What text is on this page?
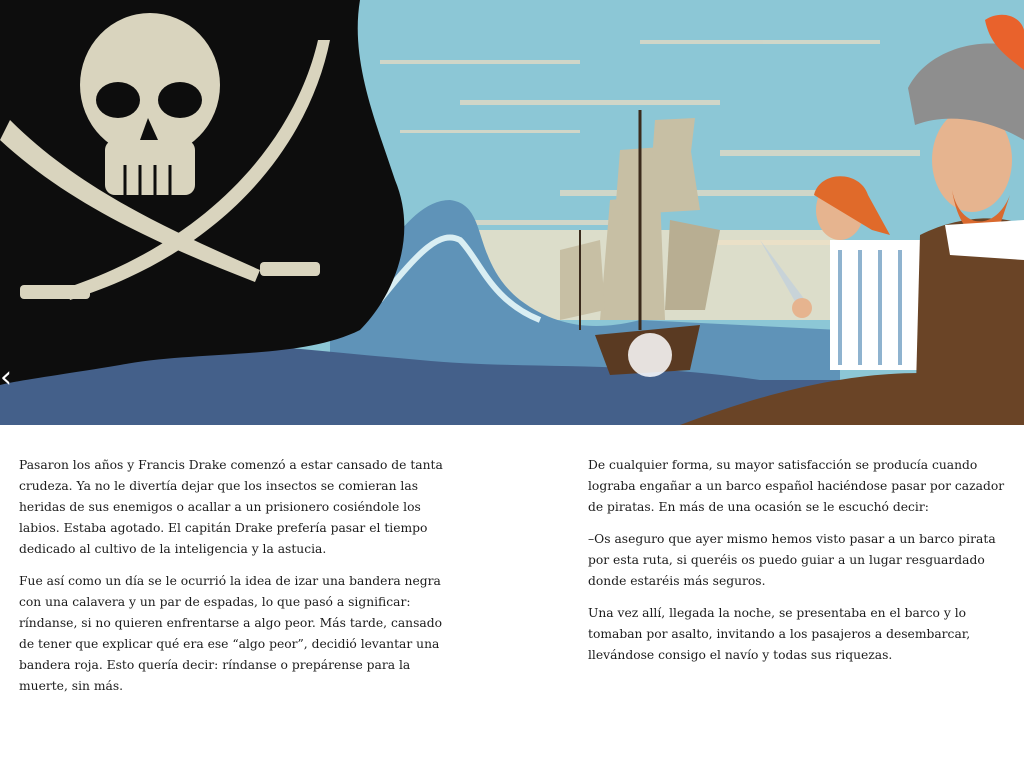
‹

Pasaron los años y Francis Drake comenzó a estar cansado de tanta crudeza. Ya no le divertía dejar que los insectos se comieran las heridas de sus enemigos o acallar a un prisionero cosiéndole los labios. Estaba agotado. El capitán Drake prefería pasar el tiempo dedicado al cultivo de la inteligencia y la astucia.

Fue así como un día se le ocurrió la idea de izar una bandera negra con una calavera y un par de espadas, lo que pasó a significar: ríndanse, si no quieren enfrentarse a algo peor. Más tarde, cansado de tener que explicar qué era ese “algo peor”, decidió levantar una bandera roja. Esto quería decir: ríndanse o prepárense para la muerte, sin más.

De cualquier forma, su mayor satisfacción se producía cuando lograba engañar a un barco español haciéndose pasar por cazador de piratas. En más de una ocasión se le escuchó decir:

–Os aseguro que ayer mismo hemos visto pasar a un barco pirata por esta ruta, si queréis os puedo guiar a un lugar resguardado donde estaréis más seguros.

Una vez allí, llegada la noche, se presentaba en el barco y lo tomaban por asalto, invitando a los pasajeros a desembarcar, llevándose consigo el navío y todas sus riquezas.
